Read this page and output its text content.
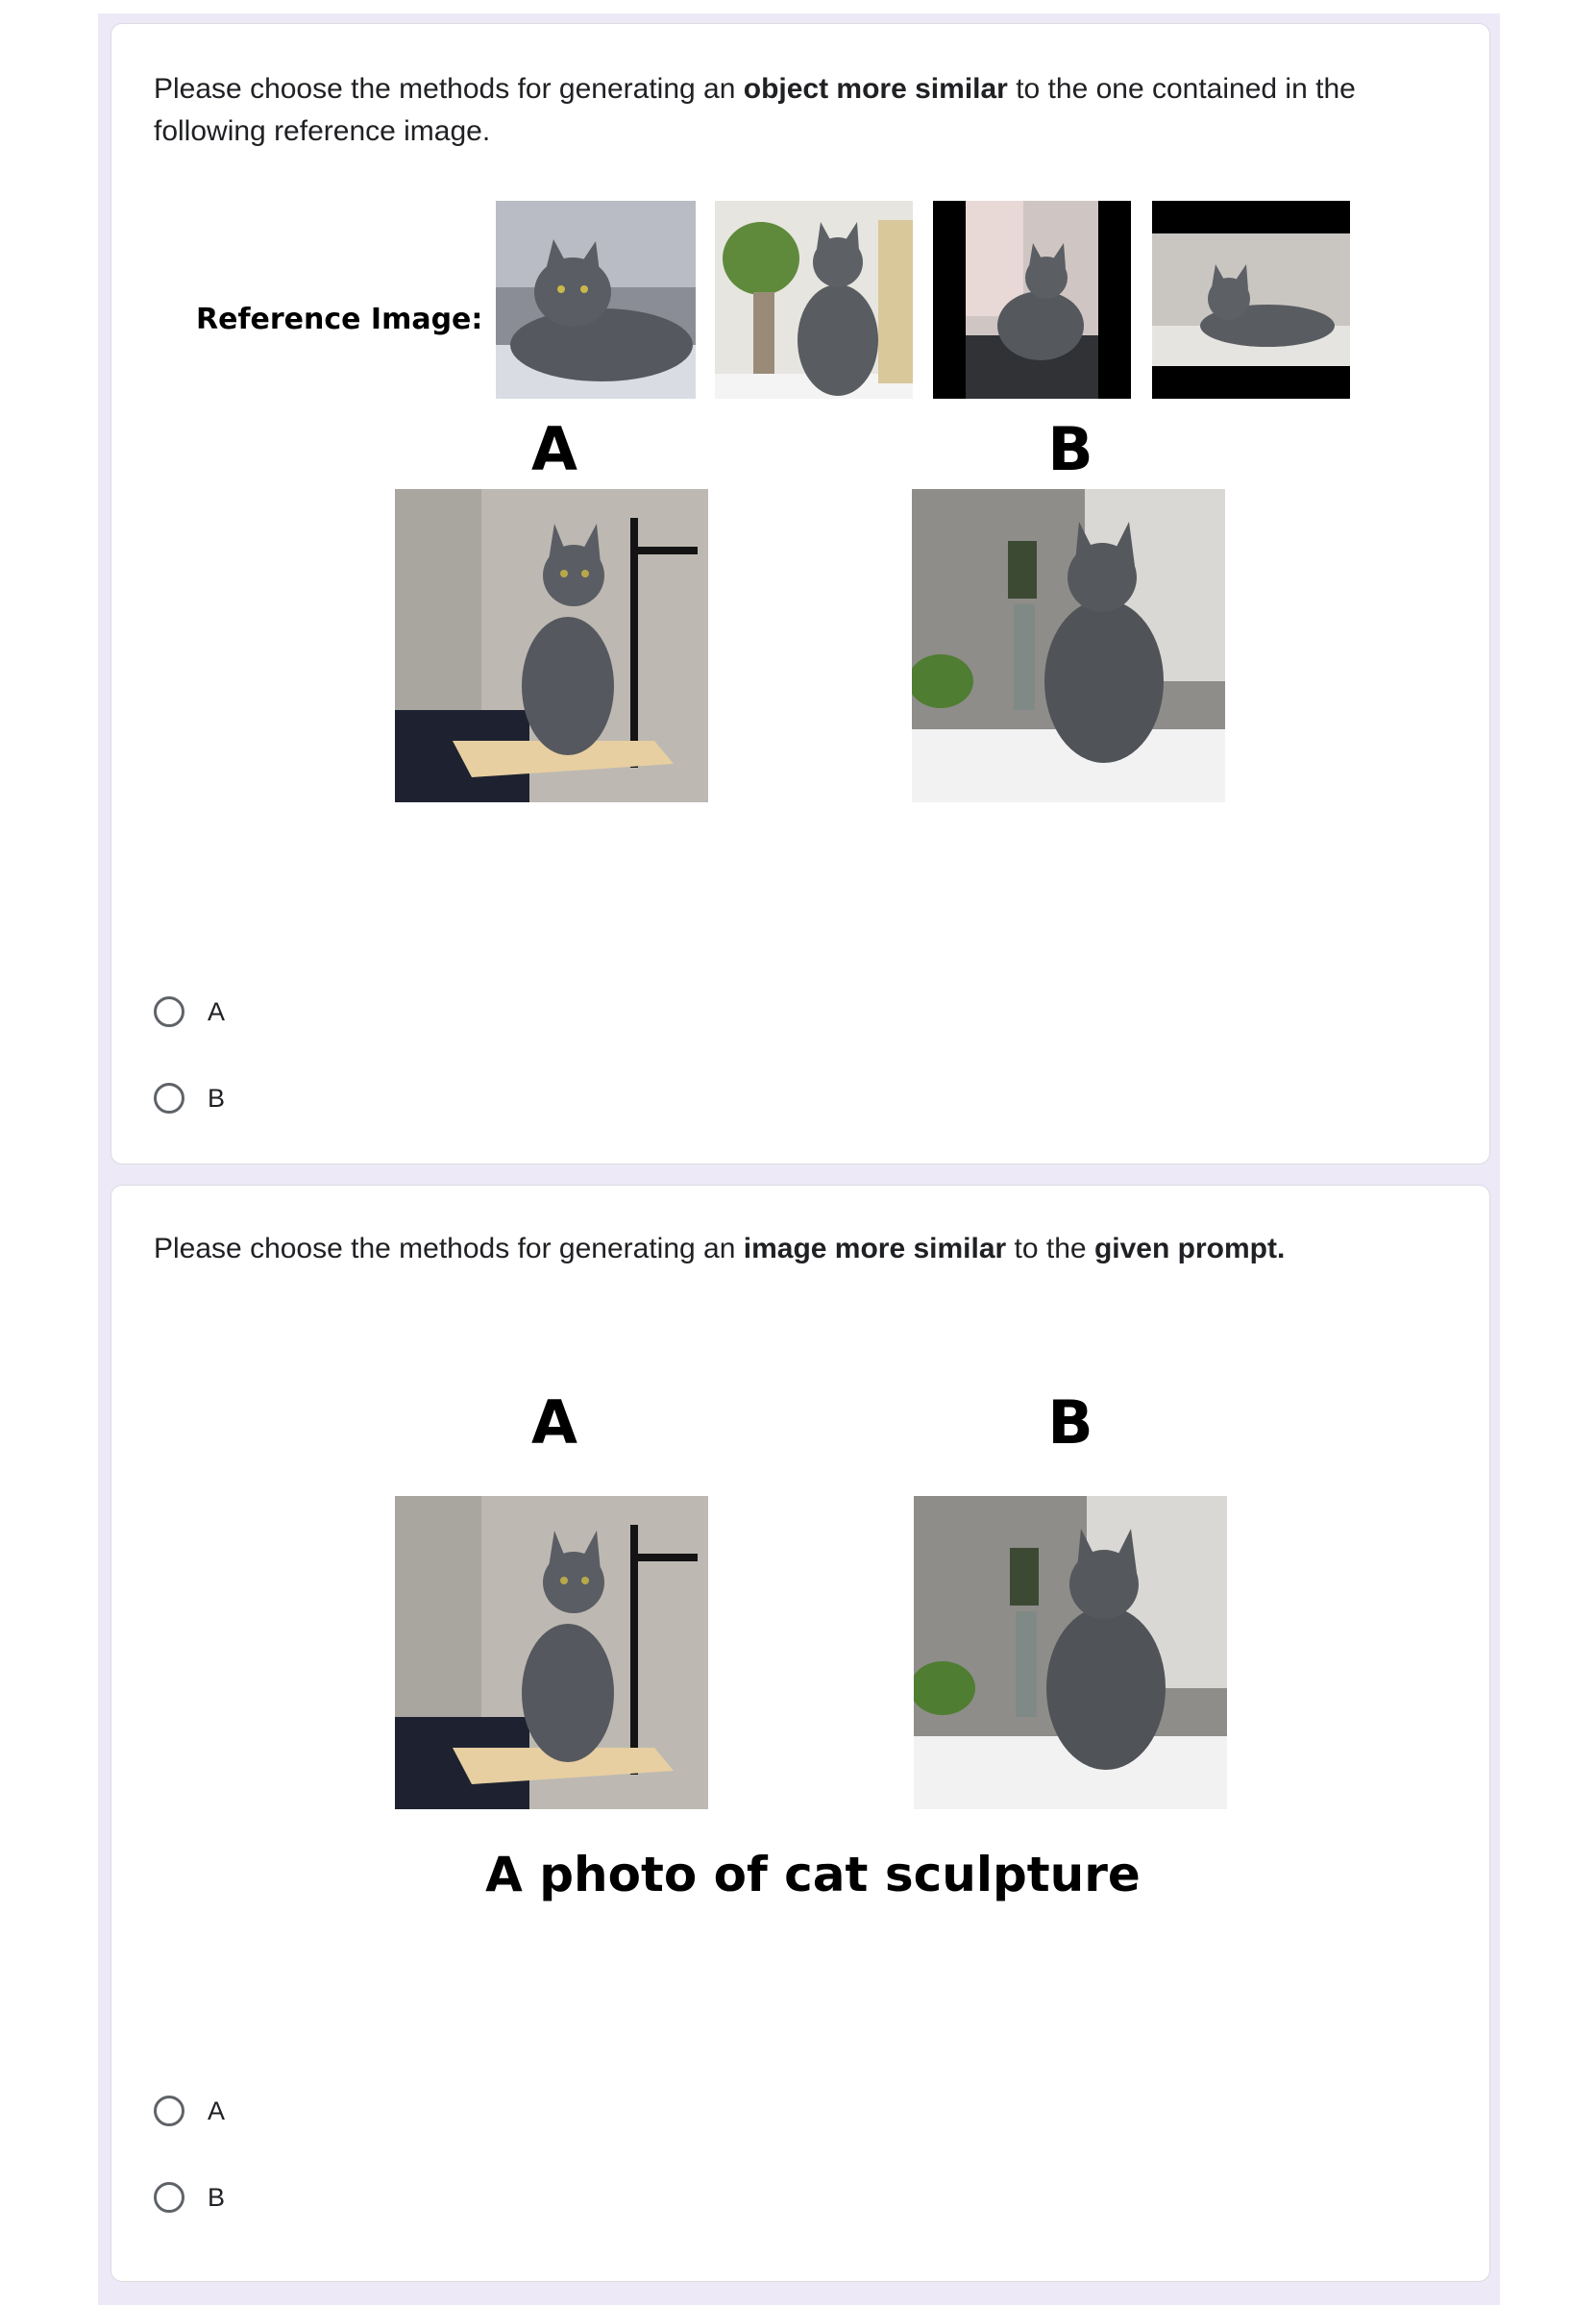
Please choose the methods for generating an object more similar to the one contained in the following reference image.
Reference Image:
A	B
A
B
Please choose the methods for generating an image more similar to the given prompt.
A	B
A photo of cat sculpture
A
B
